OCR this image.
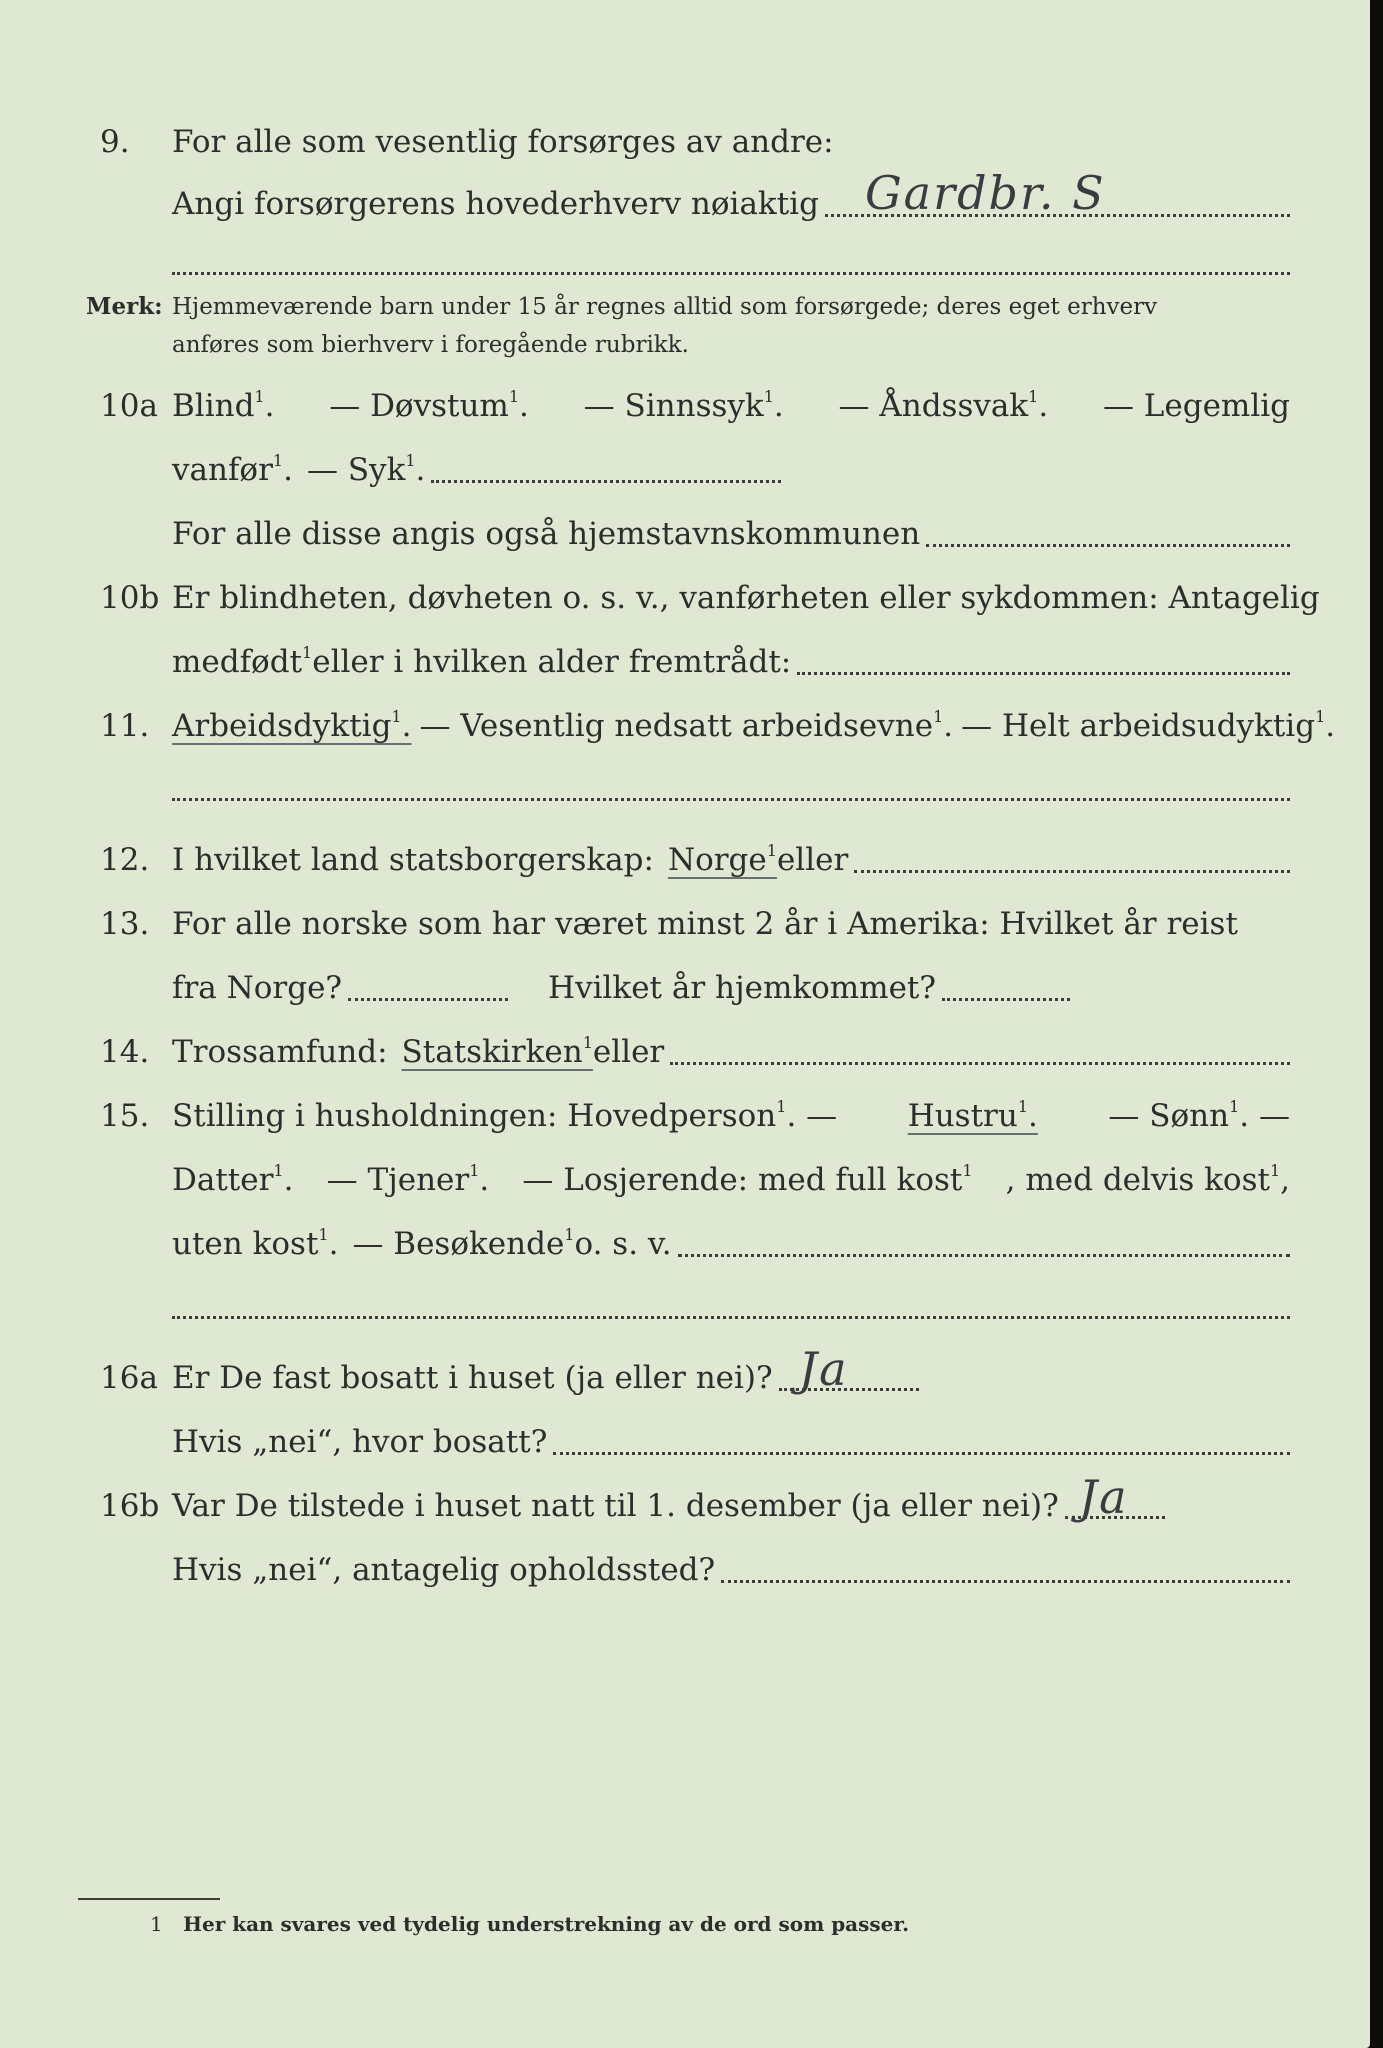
9.	For alle som vesentlig forsørges av andre:
Angi forsørgerens hovederhverv nøiaktig Gardbr. S
Merk: Hjemmeværende barn under 15 år regnes alltid som forsørgede; deres eget erhverv
anføres som bierhverv i foregående rubrikk.
10a Blind$^1$. — Døvstum$^1$. — Sinnssyk$^1$. — Åndssvak$^1$. — Legemlig
vanfør$^1$. — Syk$^1$.
For alle disse angis også hjemstavnskommunen
10b Er blindheten, døvheten o. s. v., vanførheten eller sykdommen: Antagelig
medfødt$^1$ eller i hvilken alder fremtrådt:
11. Arbeidsdyktig$^1$. — Vesentlig nedsatt arbeidsevne$^1$. — Helt arbeidsudyktig$^1$.
12. I hvilket land statsborgerskap: Norge$^1$ eller
13. For alle norske som har været minst 2 år i Amerika: Hvilket år reist
fra Norge?	Hvilket år hjemkommet?
14. Trossamfund: Statskirken$^1$ eller
15. Stilling i husholdningen: Hovedperson$^1$. — Hustru$^1$. — Sønn$^1$. —
Datter$^1$. — Tjener$^1$. — Losjerende: med full kost$^1$ , med delvis kost$^1$,
uten kost$^1$. — Besøkende$^1$ o. s. v.
16a Er De fast bosatt i huset (ja eller nei)? Ja
Hvis „nei“, hvor bosatt?
16b Var De tilstede i huset natt til 1. desember (ja eller nei)? Ja
Hvis „nei“, antagelig opholdssted?
1 Her kan svares ved tydelig understrekning av de ord som passer.
